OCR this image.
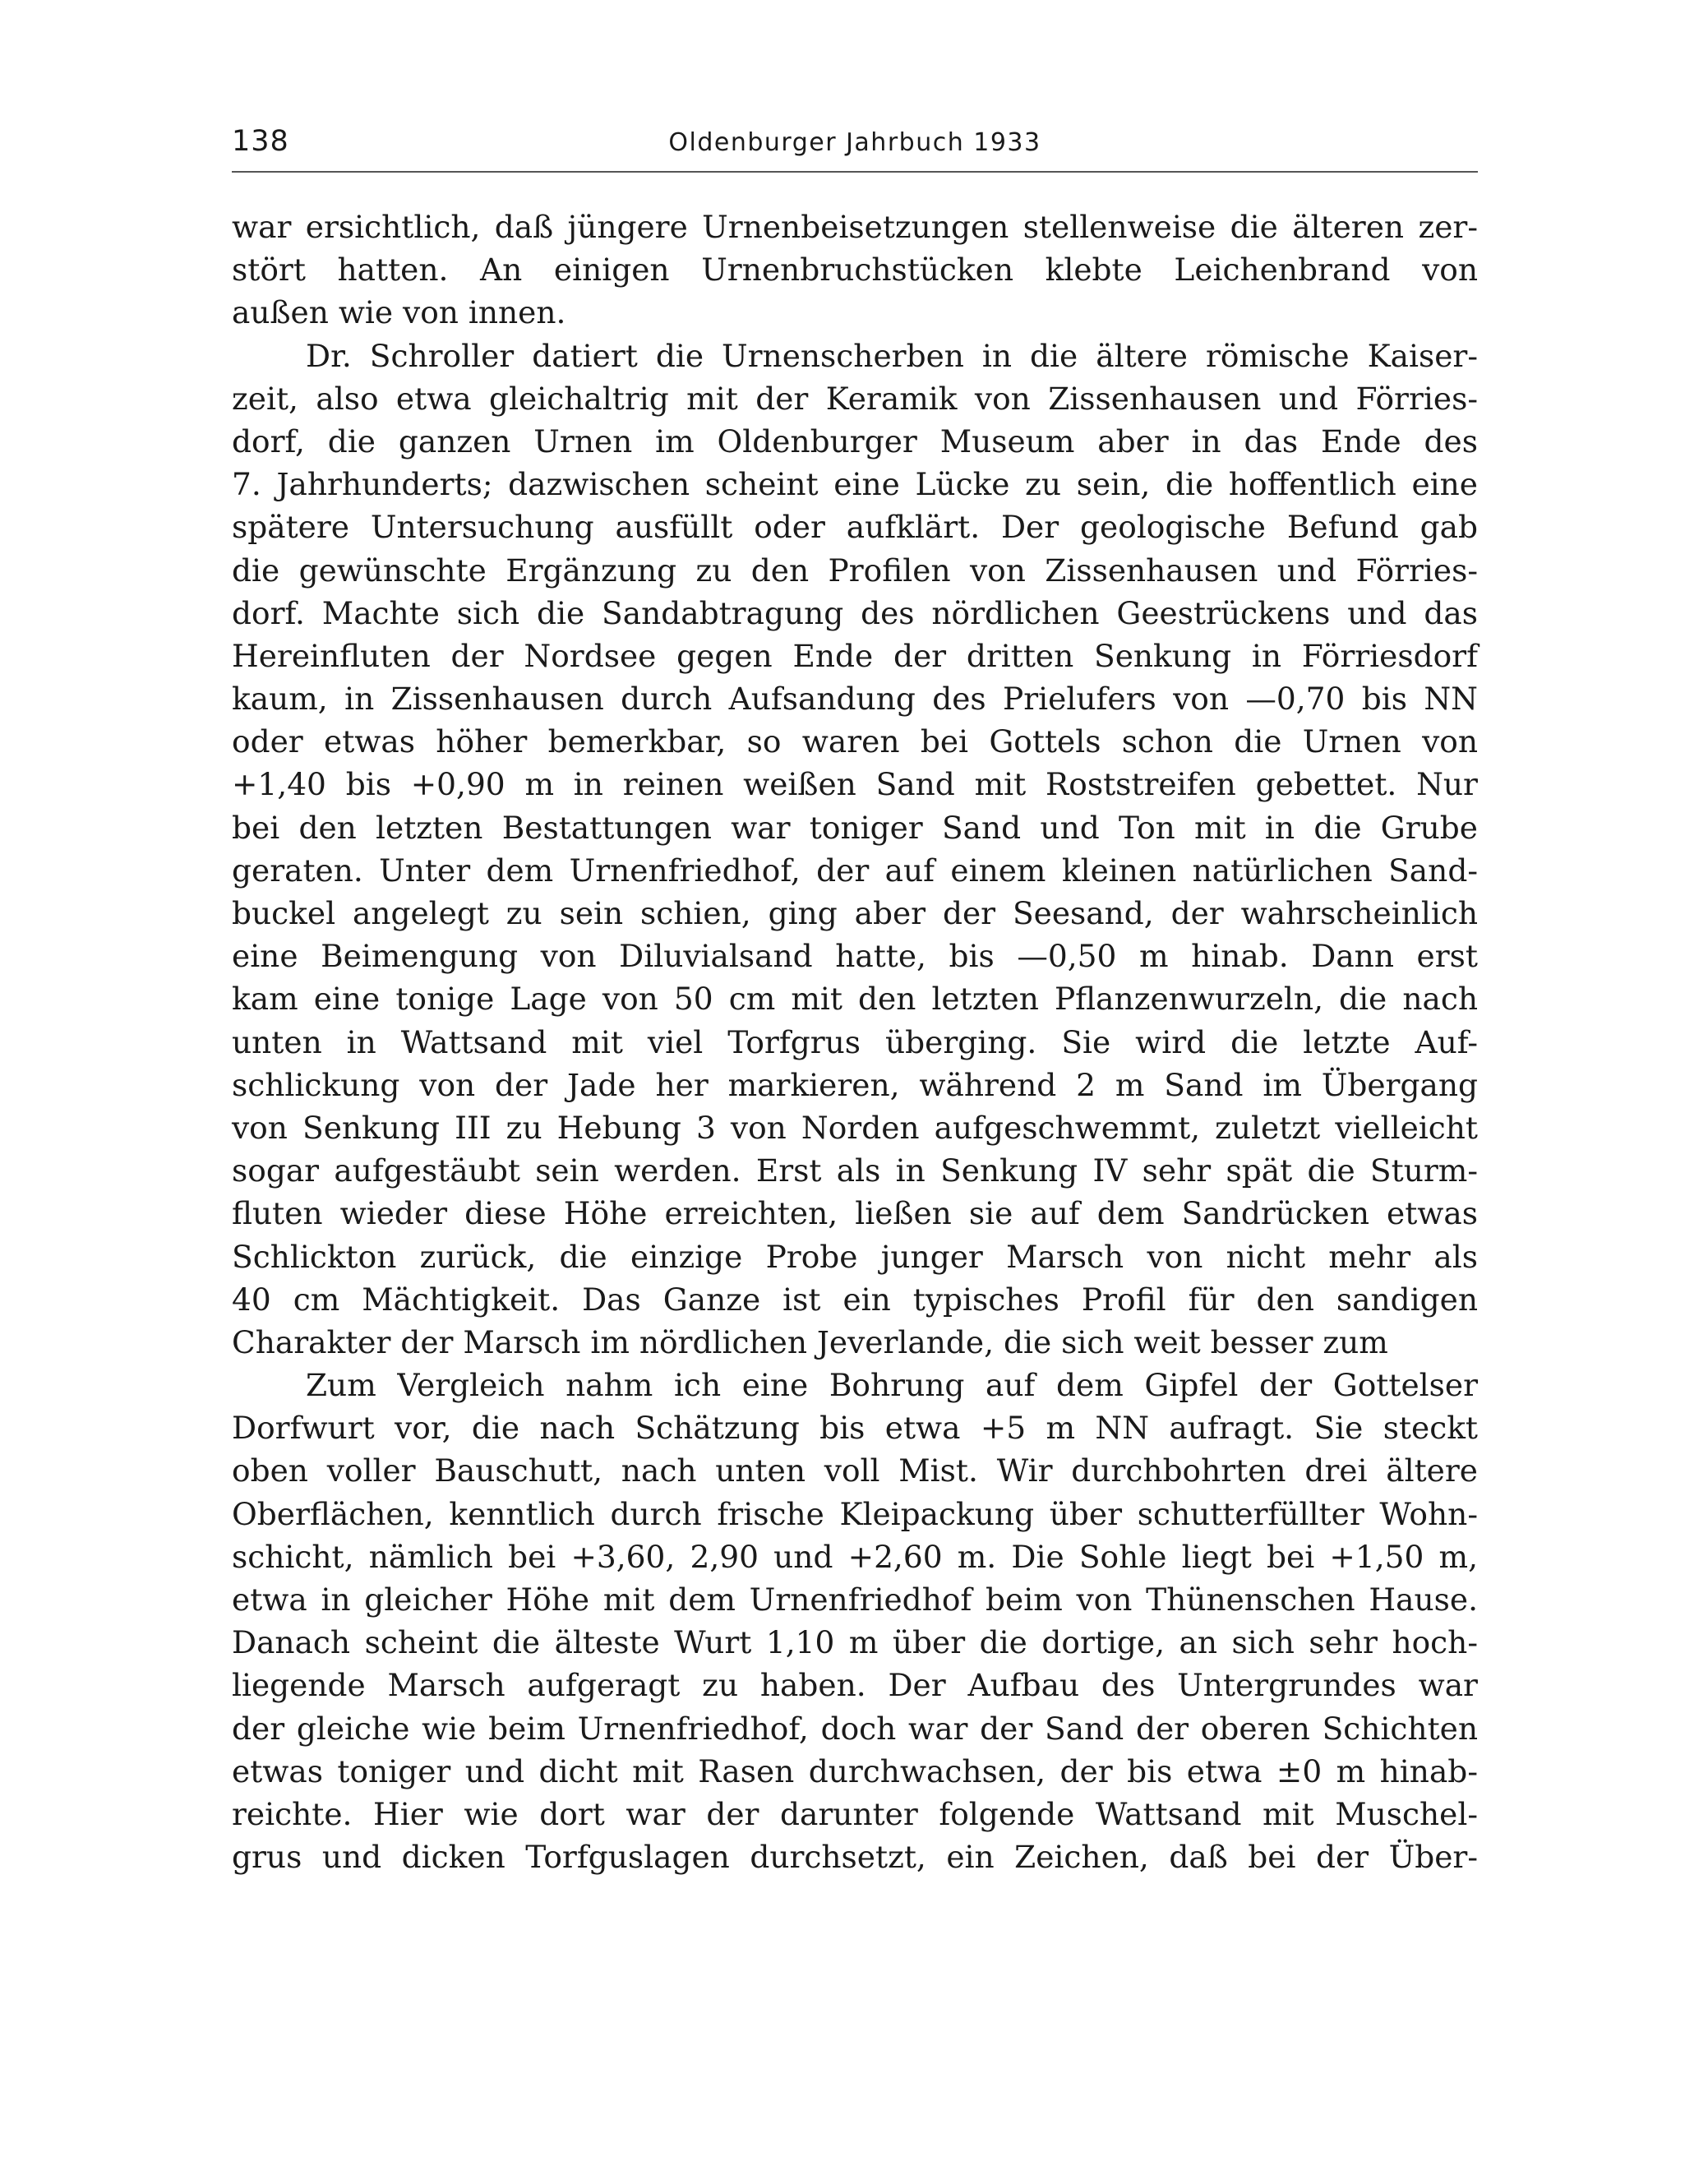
138	Oldenburger Jahrbuch 1933

war ersichtlich, daß jüngere Urnenbeisetzungen stellenweise die älteren zer-
stört hatten. An einigen Urnenbruchstücken klebte Leichenbrand von
außen wie von innen.

Dr. Schroller datiert die Urnenscherben in die ältere römische Kaiser-
zeit, also etwa gleichaltrig mit der Keramik von Zissenhausen und Förries-
dorf, die ganzen Urnen im Oldenburger Museum aber in das Ende des
7. Jahrhunderts; dazwischen scheint eine Lücke zu sein, die hoffentlich eine
spätere Untersuchung ausfüllt oder aufklärt. Der geologische Befund gab
die gewünschte Ergänzung zu den Profilen von Zissenhausen und Förries-
dorf. Machte sich die Sandabtragung des nördlichen Geestrückens und das
Hereinfluten der Nordsee gegen Ende der dritten Senkung in Förriesdorf
kaum, in Zissenhausen durch Aufsandung des Prielufers von —0,70 bis NN
oder etwas höher bemerkbar, so waren bei Gottels schon die Urnen von
+1,40 bis +0,90 m in reinen weißen Sand mit Roststreifen gebettet. Nur
bei den letzten Bestattungen war toniger Sand und Ton mit in die Grube
geraten. Unter dem Urnenfriedhof, der auf einem kleinen natürlichen Sand-
buckel angelegt zu sein schien, ging aber der Seesand, der wahrscheinlich
eine Beimengung von Diluvialsand hatte, bis —0,50 m hinab. Dann erst
kam eine tonige Lage von 50 cm mit den letzten Pflanzenwurzeln, die nach
unten in Wattsand mit viel Torfgrus überging. Sie wird die letzte Auf-
schlickung von der Jade her markieren, während 2 m Sand im Übergang
von Senkung III zu Hebung 3 von Norden aufgeschwemmt, zuletzt vielleicht
sogar aufgestäubt sein werden. Erst als in Senkung IV sehr spät die Sturm-
fluten wieder diese Höhe erreichten, ließen sie auf dem Sandrücken etwas
Schlickton zurück, die einzige Probe junger Marsch von nicht mehr als
40 cm Mächtigkeit. Das Ganze ist ein typisches Profil für den sandigen
Charakter der Marsch im nördlichen Jeverlande, die sich weit besser zum

Zum Vergleich nahm ich eine Bohrung auf dem Gipfel der Gottelser
Dorfwurt vor, die nach Schätzung bis etwa +5 m NN aufragt. Sie steckt
oben voller Bauschutt, nach unten voll Mist. Wir durchbohrten drei ältere
Oberflächen, kenntlich durch frische Kleipackung über schutterfüllter Wohn-
schicht, nämlich bei +3,60, 2,90 und +2,60 m. Die Sohle liegt bei +1,50 m,
etwa in gleicher Höhe mit dem Urnenfriedhof beim von Thünenschen Hause.
Danach scheint die älteste Wurt 1,10 m über die dortige, an sich sehr hoch-
liegende Marsch aufgeragt zu haben. Der Aufbau des Untergrundes war
der gleiche wie beim Urnenfriedhof, doch war der Sand der oberen Schichten
etwas toniger und dicht mit Rasen durchwachsen, der bis etwa ±0 m hinab-
reichte. Hier wie dort war der darunter folgende Wattsand mit Muschel-
grus und dicken Torfguslagen durchsetzt, ein Zeichen, daß bei der Über-
